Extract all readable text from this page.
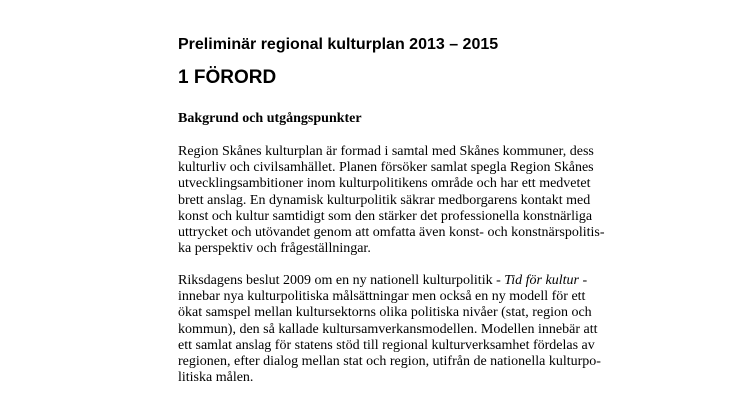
Preliminär regional kulturplan 2013 – 2015
1 FÖRORD
Bakgrund och utgångspunkter

Region Skånes kulturplan är formad i samtal med Skånes kommuner, dess
kulturliv och civilsamhället. Planen försöker samlat spegla Region Skånes
utvecklingsambitioner inom kulturpolitikens område och har ett medvetet
brett anslag. En dynamisk kulturpolitik säkrar medborgarens kontakt med
konst och kultur samtidigt som den stärker det professionella konstnärliga
uttrycket och utövandet genom att omfatta även konst- och konstnärspolitis-
ka perspektiv och frågeställningar.

Riksdagens beslut 2009 om en ny nationell kulturpolitik - Tid för kultur -
innebar nya kulturpolitiska målsättningar men också en ny modell för ett
ökat samspel mellan kultursektorns olika politiska nivåer (stat, region och
kommun), den så kallade kultursamverkansmodellen. Modellen innebär att
ett samlat anslag för statens stöd till regional kulturverksamhet fördelas av
regionen, efter dialog mellan stat och region, utifrån de nationella kulturpo-
litiska målen.
